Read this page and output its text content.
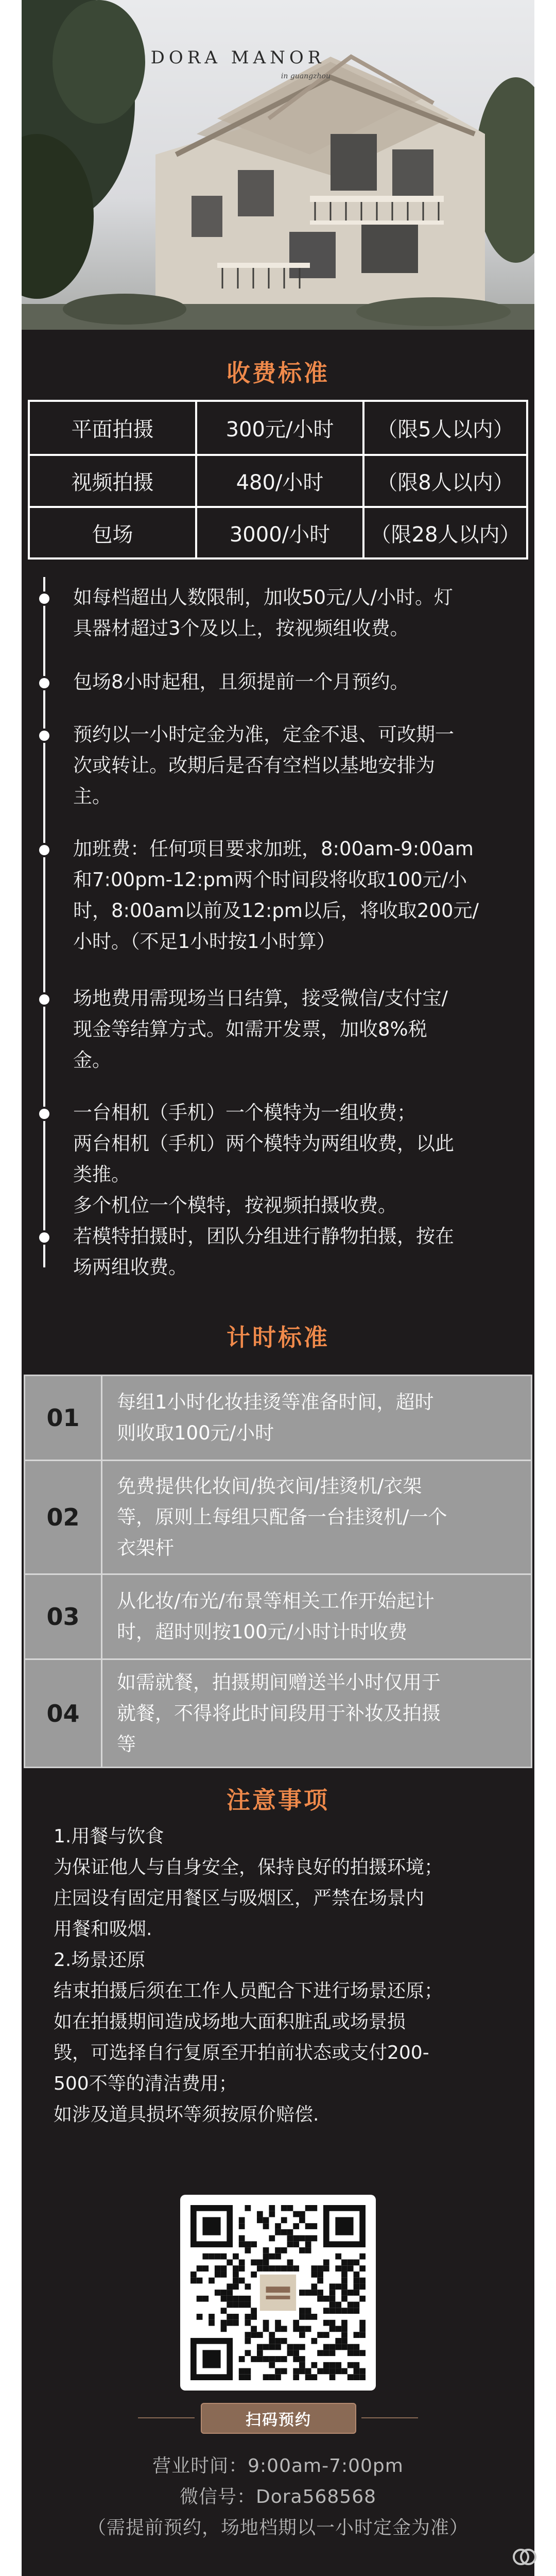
DORA MANOR
in guangzhou
收费标准
平面拍摄	300元/小时	（限5人以内）
视频拍摄	480/小时	（限8人以内）
包场	3000/小时	（限28人以内）
如每档超出人数限制，加收50元/人/小时。灯
具器材超过3个及以上，按视频组收费。
包场8小时起租，且须提前一个月预约。
预约以一小时定金为准，定金不退、可改期一
次或转让。改期后是否有空档以基地安排为
主。
加班费：任何项目要求加班，8:00am-9:00am
和7:00pm-12:pm两个时间段将收取100元/小
时，8:00am以前及12:pm以后，将收取200元/
小时。（不足1小时按1小时算）
场地费用需现场当日结算，接受微信/支付宝/
现金等结算方式。如需开发票，加收8%税
金。
一台相机（手机）一个模特为一组收费；
两台相机（手机）两个模特为两组收费，以此
类推。
多个机位一个模特，按视频拍摄收费。
若模特拍摄时，团队分组进行静物拍摄，按在
场两组收费。
计时标准
01
每组1小时化妆挂烫等准备时间，超时
则收取100元/小时
02
免费提供化妆间/换衣间/挂烫机/衣架
等，原则上每组只配备一台挂烫机/一个
衣架杆
03
从化妆/布光/布景等相关工作开始起计
时，超时则按100元/小时计时收费
04
如需就餐，拍摄期间赠送半小时仅用于
就餐，不得将此时间段用于补妆及拍摄
等
注意事项
1.用餐与饮食
为保证他人与自身安全，保持良好的拍摄环境；
庄园设有固定用餐区与吸烟区，严禁在场景内
用餐和吸烟.
2.场景还原
结束拍摄后须在工作人员配合下进行场景还原；
如在拍摄期间造成场地大面积脏乱或场景损
毁，可选择自行复原至开拍前状态或支付200-
500不等的清洁费用；
如涉及道具损坏等须按原价赔偿.
扫码预约
营业时间：9:00am-7:00pm
微信号：Dora568568
（需提前预约，场地档期以一小时定金为准）
